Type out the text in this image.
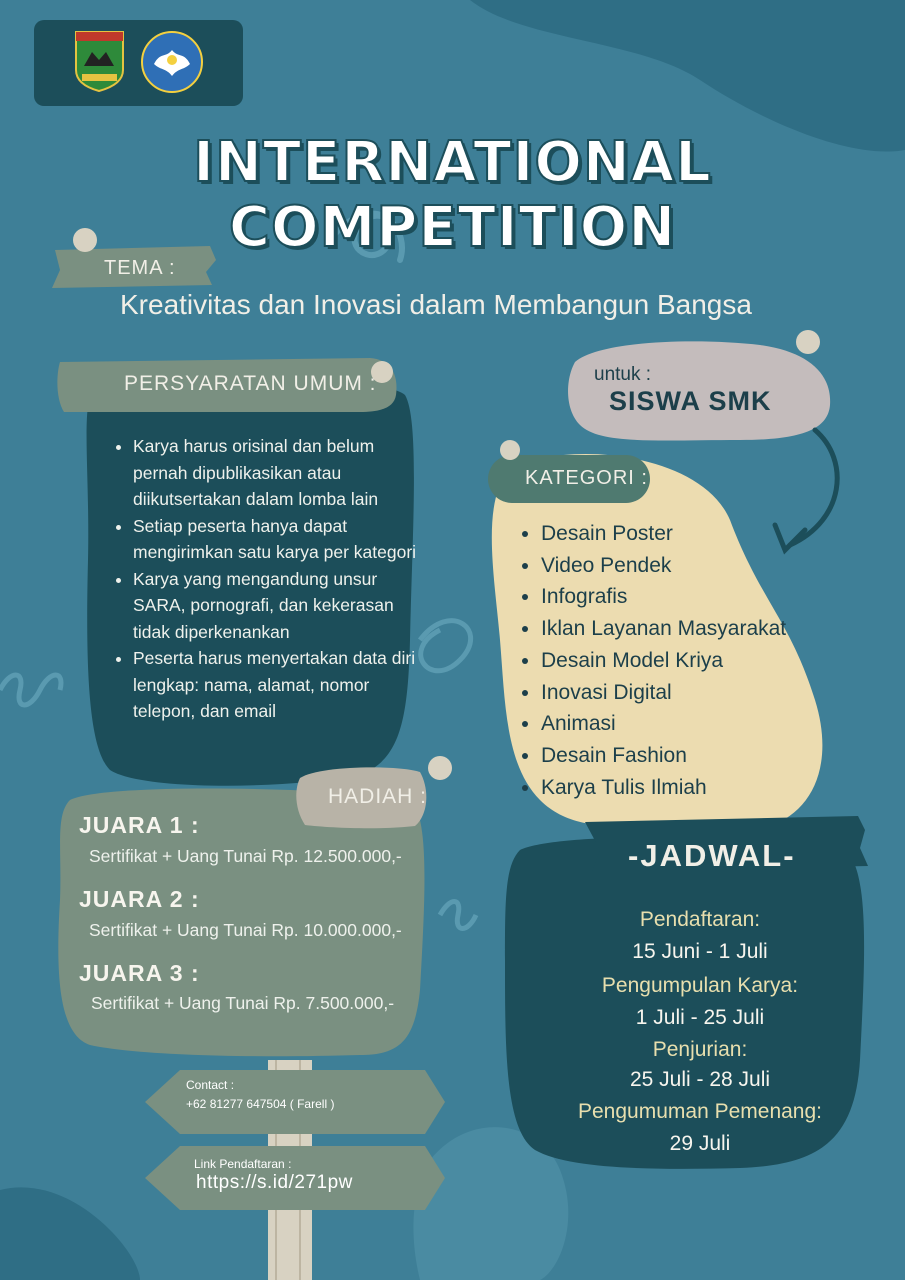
INTERNATIONAL COMPETITION
TEMA :
Kreativitas dan Inovasi dalam Membangun Bangsa
PERSYARATAN UMUM :
• Karya harus orisinal dan belum pernah dipublikasikan atau diikutsertakan dalam lomba lain
• Setiap peserta hanya dapat mengirimkan satu karya per kategori
• Karya yang mengandung unsur SARA, pornografi, dan kekerasan tidak diperkenankan
• Peserta harus menyertakan data diri lengkap: nama, alamat, nomor telepon, dan email
untuk :
SISWA SMK
KATEGORI :
• Desain Poster
• Video Pendek
• Infografis
• Iklan Layanan Masyarakat
• Desain Model Kriya
• Inovasi Digital
• Animasi
• Desain Fashion
• Karya Tulis Ilmiah
HADIAH :
JUARA 1 :
Sertifikat + Uang Tunai Rp. 12.500.000,-
JUARA 2 :
Sertifikat + Uang Tunai Rp. 10.000.000,-
JUARA 3 :
Sertifikat + Uang Tunai Rp. 7.500.000,-
-JADWAL-
Pendaftaran:
15 Juni - 1 Juli
Pengumpulan Karya:
1 Juli - 25 Juli
Penjurian:
25 Juli - 28 Juli
Pengumuman Pemenang:
29 Juli
Contact :
+62 81277 647504 ( Farell )
Link Pendaftaran :
https://s.id/271pw
